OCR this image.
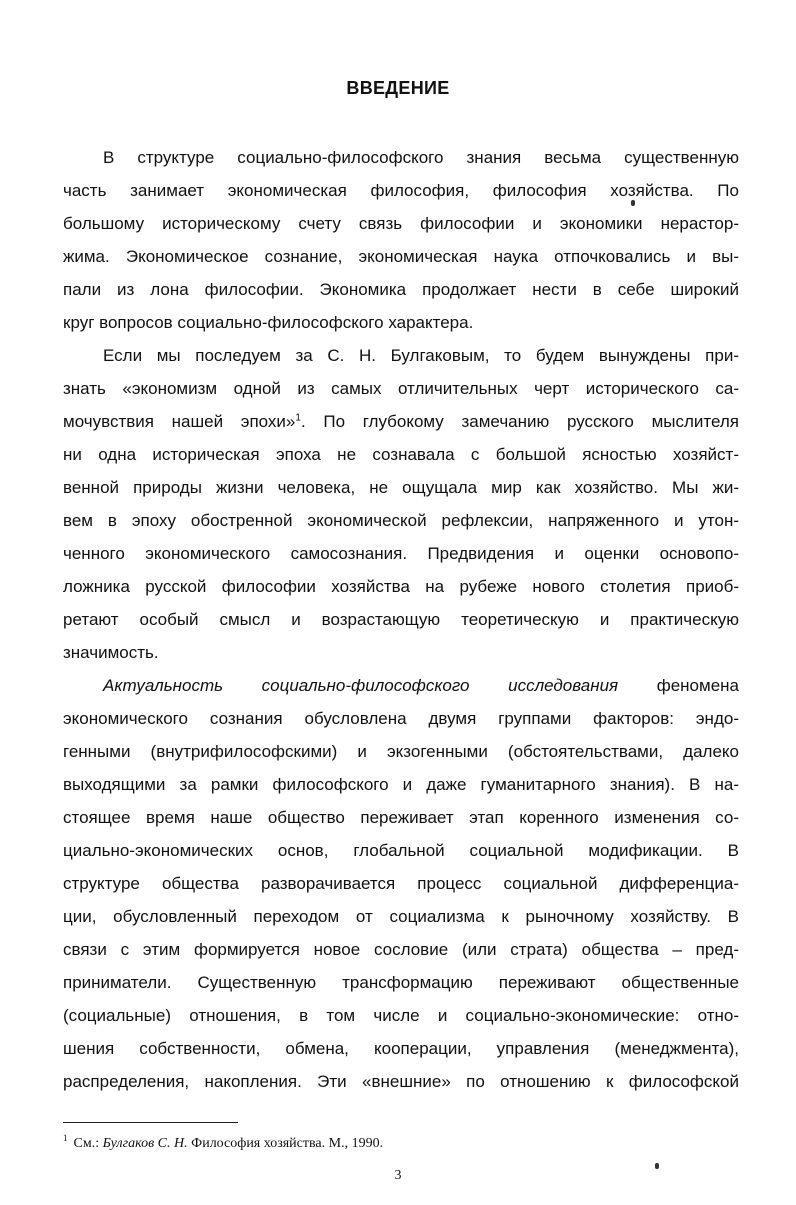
ВВЕДЕНИЕ
В структуре социально-философского знания весьма существенную
часть занимает экономическая философия, философия хозяйства. По
большому историческому счету связь философии и экономики нерастор-
жима. Экономическое сознание, экономическая наука отпочковались и вы-
пали из лона философии. Экономика продолжает нести в себе широкий
круг вопросов социально-философского характера.
Если мы последуем за С. Н. Булгаковым, то будем вынуждены при-
знать «экономизм одной из самых отличительных черт исторического са-
мочувствия нашей эпохи»$^1$. По глубокому замечанию русского мыслителя
ни одна историческая эпоха не сознавала с большой ясностью хозяйст-
венной природы жизни человека, не ощущала мир как хозяйство. Мы жи-
вем в эпоху обостренной экономической рефлексии, напряженного и утон-
ченного экономического самосознания. Предвидения и оценки основопо-
ложника русской философии хозяйства на рубеже нового столетия приоб-
ретают особый смысл и возрастающую теоретическую и практическую
значимость.
Актуальность социально-философского исследования феномена
экономического сознания обусловлена двумя группами факторов: эндо-
генными (внутрифилософскими) и экзогенными (обстоятельствами, далеко
выходящими за рамки философского и даже гуманитарного знания). В на-
стоящее время наше общество переживает этап коренного изменения со-
циально-экономических основ, глобальной социальной модификации. В
структуре общества разворачивается процесс социальной дифференциа-
ции, обусловленный переходом от социализма к рыночному хозяйству. В
связи с этим формируется новое сословие (или страта) общества – пред-
приниматели. Существенную трансформацию переживают общественные
(социальные) отношения, в том числе и социально-экономические: отно-
шения собственности, обмена, кооперации, управления (менеджмента),
распределения, накопления. Эти «внешние» по отношению к философской
$^1$ См.: Булгаков С. Н. Философия хозяйства. М., 1990.
3
